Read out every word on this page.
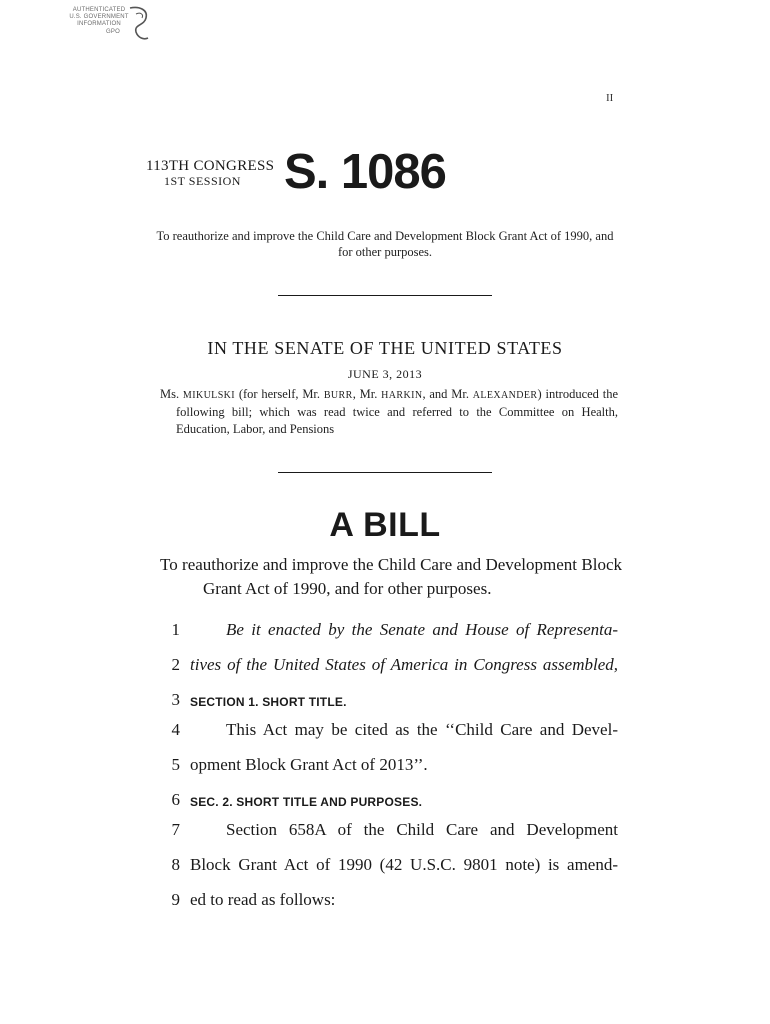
AUTHENTICATED
U.S. GOVERNMENT
INFORMATION
GPO
II
113TH CONGRESS
1ST SESSION S. 1086
To reauthorize and improve the Child Care and Development Block Grant Act of 1990, and for other purposes.
IN THE SENATE OF THE UNITED STATES
JUNE 3, 2013
Ms. MIKULSKI (for herself, Mr. BURR, Mr. HARKIN, and Mr. ALEXANDER) introduced the following bill; which was read twice and referred to the Committee on Health, Education, Labor, and Pensions
A BILL
To reauthorize and improve the Child Care and Development Block Grant Act of 1990, and for other purposes.
1	Be it enacted by the Senate and House of Representa-
2 tives of the United States of America in Congress assembled,
3 SECTION 1. SHORT TITLE.
4	This Act may be cited as the ‘‘Child Care and Devel-
5 opment Block Grant Act of 2013’’.
6 SEC. 2. SHORT TITLE AND PURPOSES.
7	Section 658A of the Child Care and Development
8 Block Grant Act of 1990 (42 U.S.C. 9801 note) is amend-
9 ed to read as follows:
